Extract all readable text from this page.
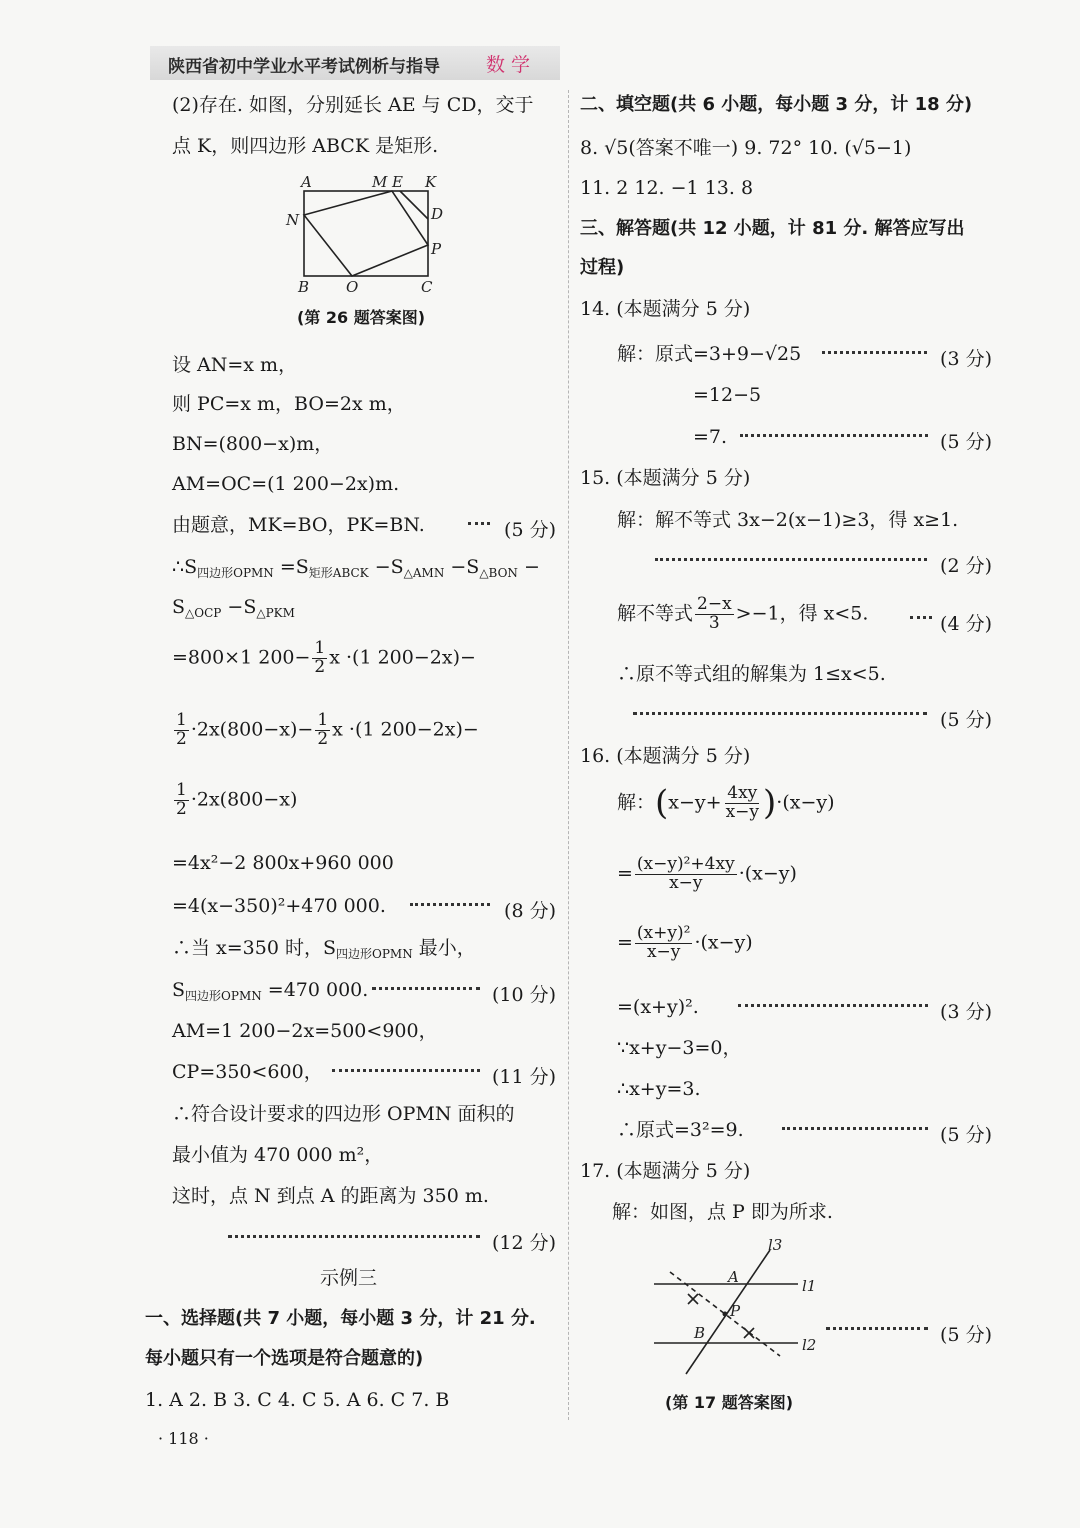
陕西省初中学业水平考试例析与指导 数 学
(2)存在. 如图，分别延长 AE 与 CD，交于
点 K，则四边形 ABCK 是矩形.
A	M E K
N	D
P
B O	C
(第 26 题答案图)
设 AN=x m，
则 PC=x m，BO=2x m，
BN=(800−x)m，
AM=OC=(1 200−2x)m.
由题意，MK=BO，PK=BN.	(5 分)
$\therefore S_{四边形OPMN} =S_{矩形ABCK} -S_{\triangle AMN} -S_{\triangle BON}$ −
$S_{\triangle OCP} -S_{\triangle PKM}$
=800×1 $200- \frac{1}{2}$ x ·(1 200−2x)−
$\frac{1}{2} \cdot 2x(800-x)- \frac{1}{2}$ x ·(1 200−2x)−
$\frac{1}{2} \cdot 2x(800-x)$
=4x²−2 800x+960 000
=4(x−350)²+470 000.	(8 分)
∴当 x=350 时，$S_{四边形OPMN}$ 最小，
$S_{四边形OPMN} =470$ 000.	(10 分)
AM=1 200−2x=500<900，
CP=350<600，	(11 分)
∴符合设计要求的四边形 OPMN 面积的
最小值为 470 000 m²，
这时，点 N 到点 A 的距离为 350 m.
(12 分)
示例三
一、选择题(共 7 小题，每小题 3 分，计 21 分.
每小题只有一个选项是符合题意的)
1. A 2. B 3. C 4. C 5. A 6. C 7. B
· 118 ·
二、填空题(共 6 小题，每小题 3 分，计 18 分)
8. √5(答案不唯一) 9. 72° 10. (√5−1)
11. 2 12. −1 13. 8
三、解答题(共 12 小题，计 81 分. 解答应写出
过程)
14. (本题满分 5 分)
解：原式=3+9−√25	(3 分)
=12−5
=7.	(5 分)
15. (本题满分 5 分)
解：解不等式 3x−2(x−1)≥3，得 x≥1.
(2 分)
解不等式 $\frac{2-x}{3} >-1$，得 x<5.	(4 分)
∴原不等式组的解集为 1≤x<5.
(5 分)
16. (本题满分 5 分)
解：$(x-y+ \frac{4xy}{x-y} )\cdot(x-y)$
= $\frac{\text{(x−y)²+4xy}}{x-y} \cdot(x-y)$
= $\frac{\text{(x+y)²}}{x-y} \cdot(x-y)$
=(x+y)².	(3 分)
∵x+y−3=0，
∴x+y=3.
∴原式=3²=9.	(5 分)
17. (本题满分 5 分)
解：如图，点 P 即为所求.
l3
l1
l2
A
B
P
(5 分)
(第 17 题答案图)
